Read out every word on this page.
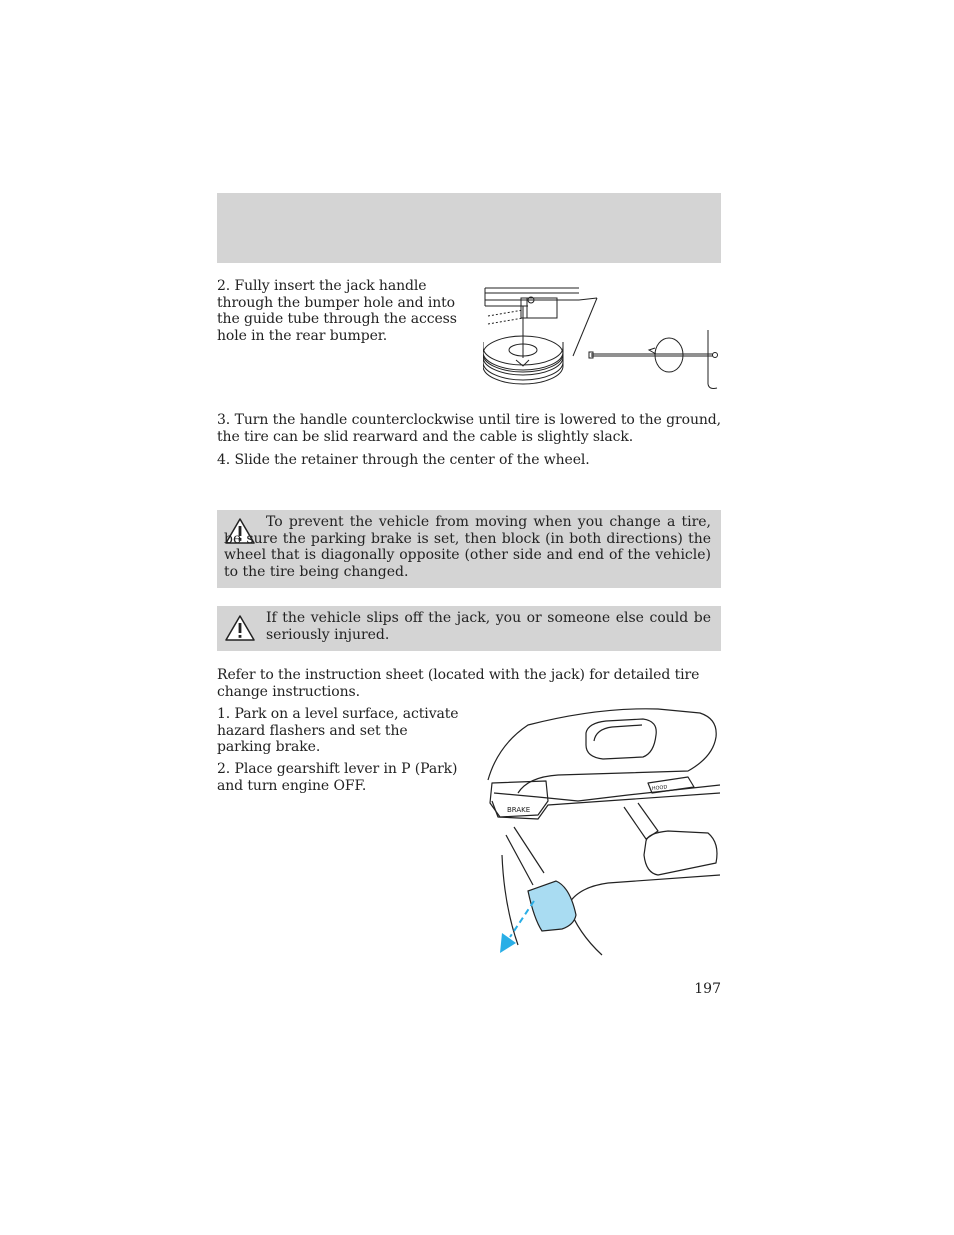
2. Fully insert the jack handle through the bumper hole and into the guide tube through the access hole in the rear bumper.
3. Turn the handle counterclockwise until tire is lowered to the ground, the tire can be slid rearward and the cable is slightly slack.
4. Slide the retainer through the center of the wheel.
To prevent the vehicle from moving when you change a tire, be sure the parking brake is set, then block (in both directions) the wheel that is diagonally opposite (other side and end of the vehicle) to the tire being changed.
If the vehicle slips off the jack, you or someone else could be seriously injured.
Refer to the instruction sheet (located with the jack) for detailed tire change instructions.
1. Park on a level surface, activate hazard flashers and set the parking brake.
2. Place gearshift lever in P (Park) and turn engine OFF.
BRAKE
HOOD
197
